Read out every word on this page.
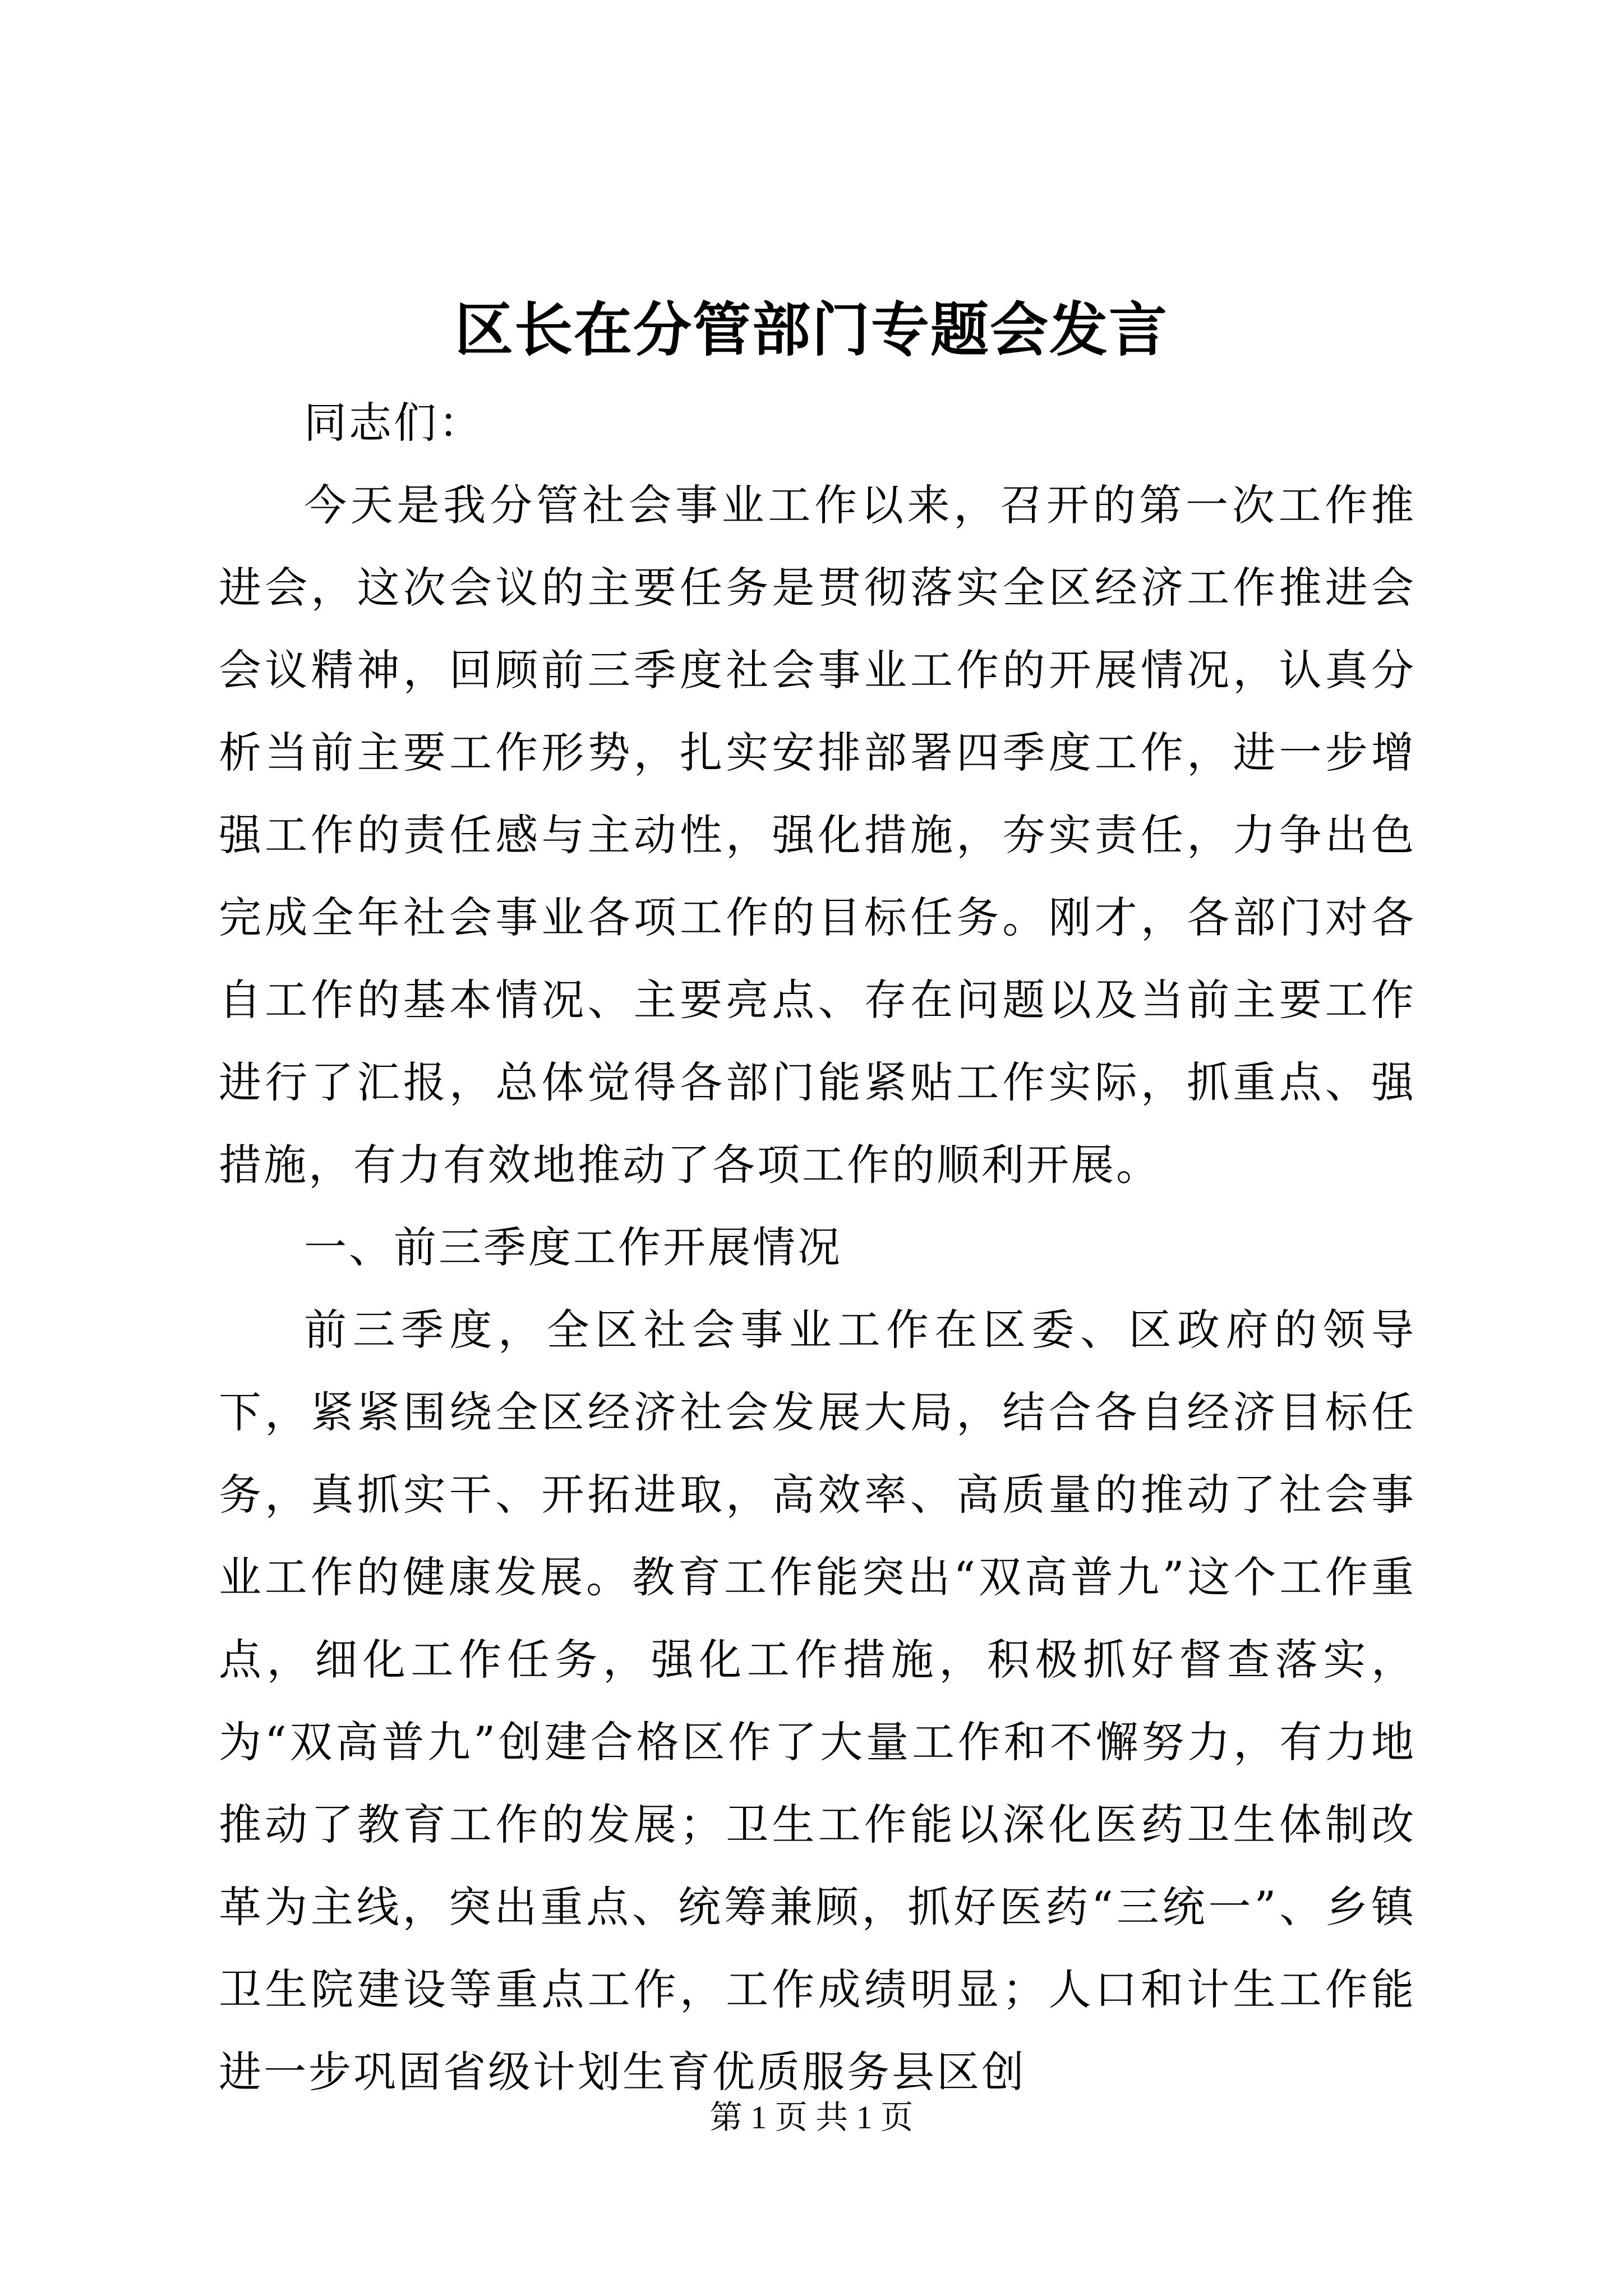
区长在分管部门专题会发言

同志们：

今天是我分管社会事业工作以来，召开的第一次工作推进会，这次会议的主要任务是贯彻落实全区经济工作推进会会议精神，回顾前三季度社会事业工作的开展情况，认真分析当前主要工作形势，扎实安排部署四季度工作，进一步增强工作的责任感与主动性，强化措施，夯实责任，力争出色完成全年社会事业各项工作的目标任务。刚才，各部门对各自工作的基本情况、主要亮点、存在问题以及当前主要工作进行了汇报，总体觉得各部门能紧贴工作实际，抓重点、强措施，有力有效地推动了各项工作的顺利开展。

一、前三季度工作开展情况

前三季度，全区社会事业工作在区委、区政府的领导下，紧紧围绕全区经济社会发展大局，结合各自经济目标任务，真抓实干、开拓进取，高效率、高质量的推动了社会事业工作的健康发展。教育工作能突出“双高普九”这个工作重点，细化工作任务，强化工作措施，积极抓好督查落实，为“双高普九”创建合格区作了大量工作和不懈努力，有力地推动了教育工作的发展；卫生工作能以深化医药卫生体制改革为主线，突出重点、统筹兼顾，抓好医药“三统一”、乡镇卫生院建设等重点工作，工作成绩明显；人口和计生工作能进一步巩固省级计划生育优质服务县区创

第 1 页 共 1 页
